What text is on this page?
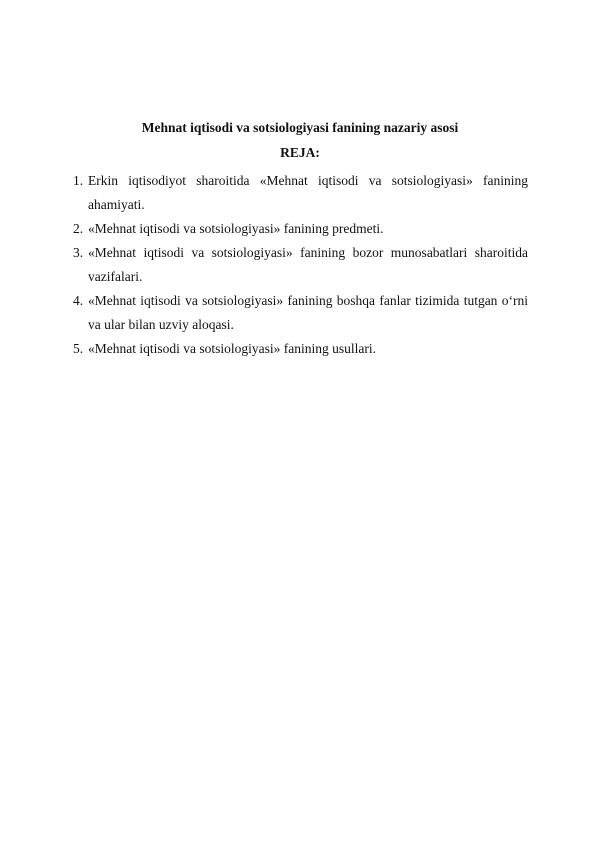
Mehnat iqtisodi va sotsiologiyasi fanining nazariy asosi
REJA:
1. Erkin iqtisodiyot sharoitida «Mehnat iqtisodi va sotsiologiyasi» fanining ahamiyati.
2. «Mehnat iqtisodi va sotsiologiyasi» fanining predmeti.
3. «Mehnat iqtisodi va sotsiologiyasi» fanining bozor munosabatlari sharoitida vazifalari.
4. «Mehnat iqtisodi va sotsiologiyasi» fanining boshqa fanlar tizimida tutgan o‘rni va ular bilan uzviy aloqasi.
5. «Mehnat iqtisodi va sotsiologiyasi» fanining usullari.
